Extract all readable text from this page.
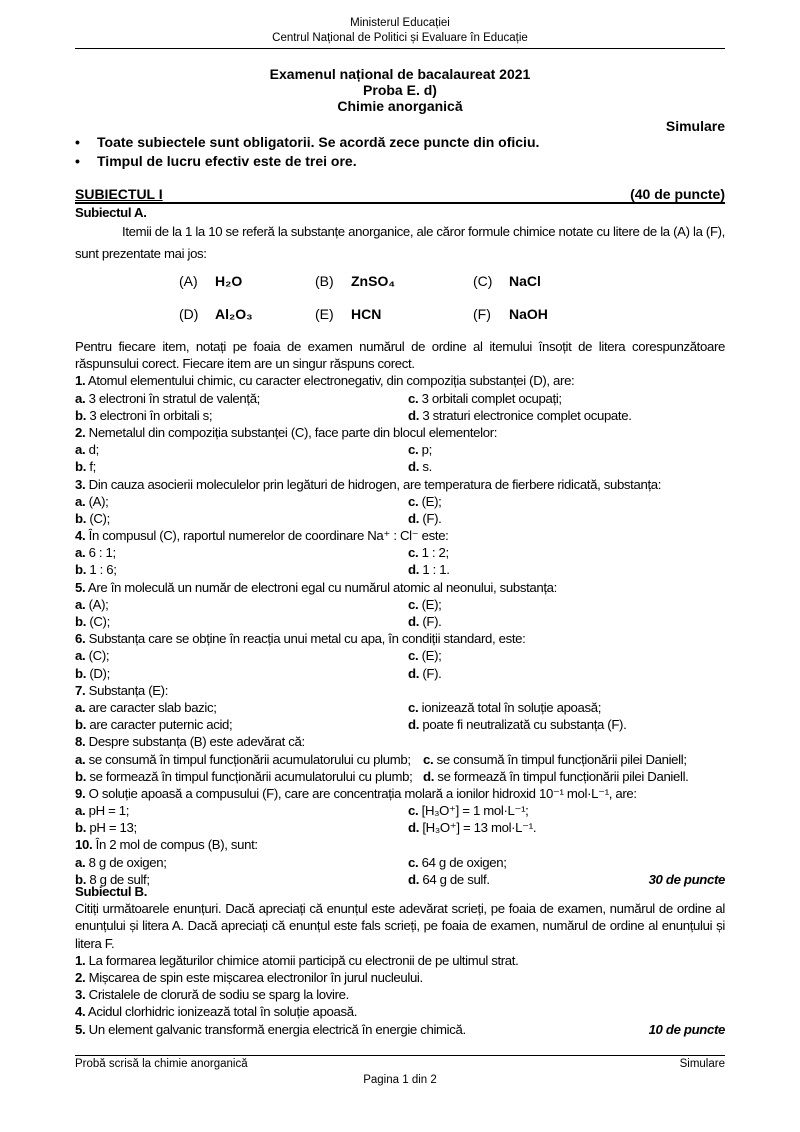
Ministerul Educației
Centrul Național de Politici și Evaluare în Educație
Examenul național de bacalaureat 2021
Proba E. d)
Chimie anorganică
Simulare
• Toate subiectele sunt obligatorii. Se acordă zece puncte din oficiu.
• Timpul de lucru efectiv este de trei ore.
SUBIECTUL I	(40 de puncte)
Subiectul A.
Itemii de la 1 la 10 se referă la substanțe anorganice, ale căror formule chimice notate cu litere de la (A) la (F), sunt prezentate mai jos:
(A) H₂O	(B) ZnSO₄	(C) NaCl
(D) Al₂O₃	(E) HCN	(F) NaOH
Pentru fiecare item, notați pe foaia de examen numărul de ordine al itemului însoțit de litera corespunzătoare răspunsului corect. Fiecare item are un singur răspuns corect.
1. Atomul elementului chimic, cu caracter electronegativ, din compoziția substanței (D), are:
a. 3 electroni în stratul de valență;	c. 3 orbitali complet ocupați;
b. 3 electroni în orbitali s;	d. 3 straturi electronice complet ocupate.
2. Nemetalul din compoziția substanței (C), face parte din blocul elementelor:
a. d;	c. p;
b. f;	d. s.
3. Din cauza asocierii moleculelor prin legături de hidrogen, are temperatura de fierbere ridicată, substanța:
a. (A);	c. (E);
b. (C);	d. (F).
4. În compusul (C), raportul numerelor de coordinare Na⁺ : Cl⁻ este:
a. 6 : 1;	c. 1 : 2;
b. 1 : 6;	d. 1 : 1.
5. Are în moleculă un număr de electroni egal cu numărul atomic al neonului, substanța:
a. (A);	c. (E);
b. (C);	d. (F).
6. Substanța care se obține în reacția unui metal cu apa, în condiții standard, este:
a. (C);	c. (E);
b. (D);	d. (F).
7. Substanța (E):
a. are caracter slab bazic;	c. ionizează total în soluție apoasă;
b. are caracter puternic acid;	d. poate fi neutralizată cu substanța (F).
8. Despre substanța (B) este adevărat că:
a. se consumă în timpul funcționării acumulatorului cu plumb; c. se consumă în timpul funcționării pilei Daniell;
b. se formează în timpul funcționării acumulatorului cu plumb; d. se formează în timpul funcționării pilei Daniell.
9. O soluție apoasă a compusului (F), care are concentrația molară a ionilor hidroxid 10⁻¹ mol·L⁻¹, are:
a. pH = 1;	c. [H₃O⁺] = 1 mol·L⁻¹;
b. pH = 13;	d. [H₃O⁺] = 13 mol·L⁻¹.
10. În 2 mol de compus (B), sunt:
a. 8 g de oxigen;	c. 64 g de oxigen;
b. 8 g de sulf;	d. 64 g de sulf.	30 de puncte
Subiectul B.
Citiți următoarele enunțuri. Dacă apreciați că enunțul este adevărat scrieți, pe foaia de examen, numărul de ordine al enunțului și litera A. Dacă apreciați că enunțul este fals scrieți, pe foaia de examen, numărul de ordine al enunțului și litera F.
1. La formarea legăturilor chimice atomii participă cu electronii de pe ultimul strat.
2. Mișcarea de spin este mișcarea electronilor în jurul nucleului.
3. Cristalele de clorură de sodiu se sparg la lovire.
4. Acidul clorhidric ionizează total în soluție apoasă.
5. Un element galvanic transformă energia electrică în energie chimică.	10 de puncte
Probă scrisă la chimie anorganică	Simulare
Pagina 1 din 2
